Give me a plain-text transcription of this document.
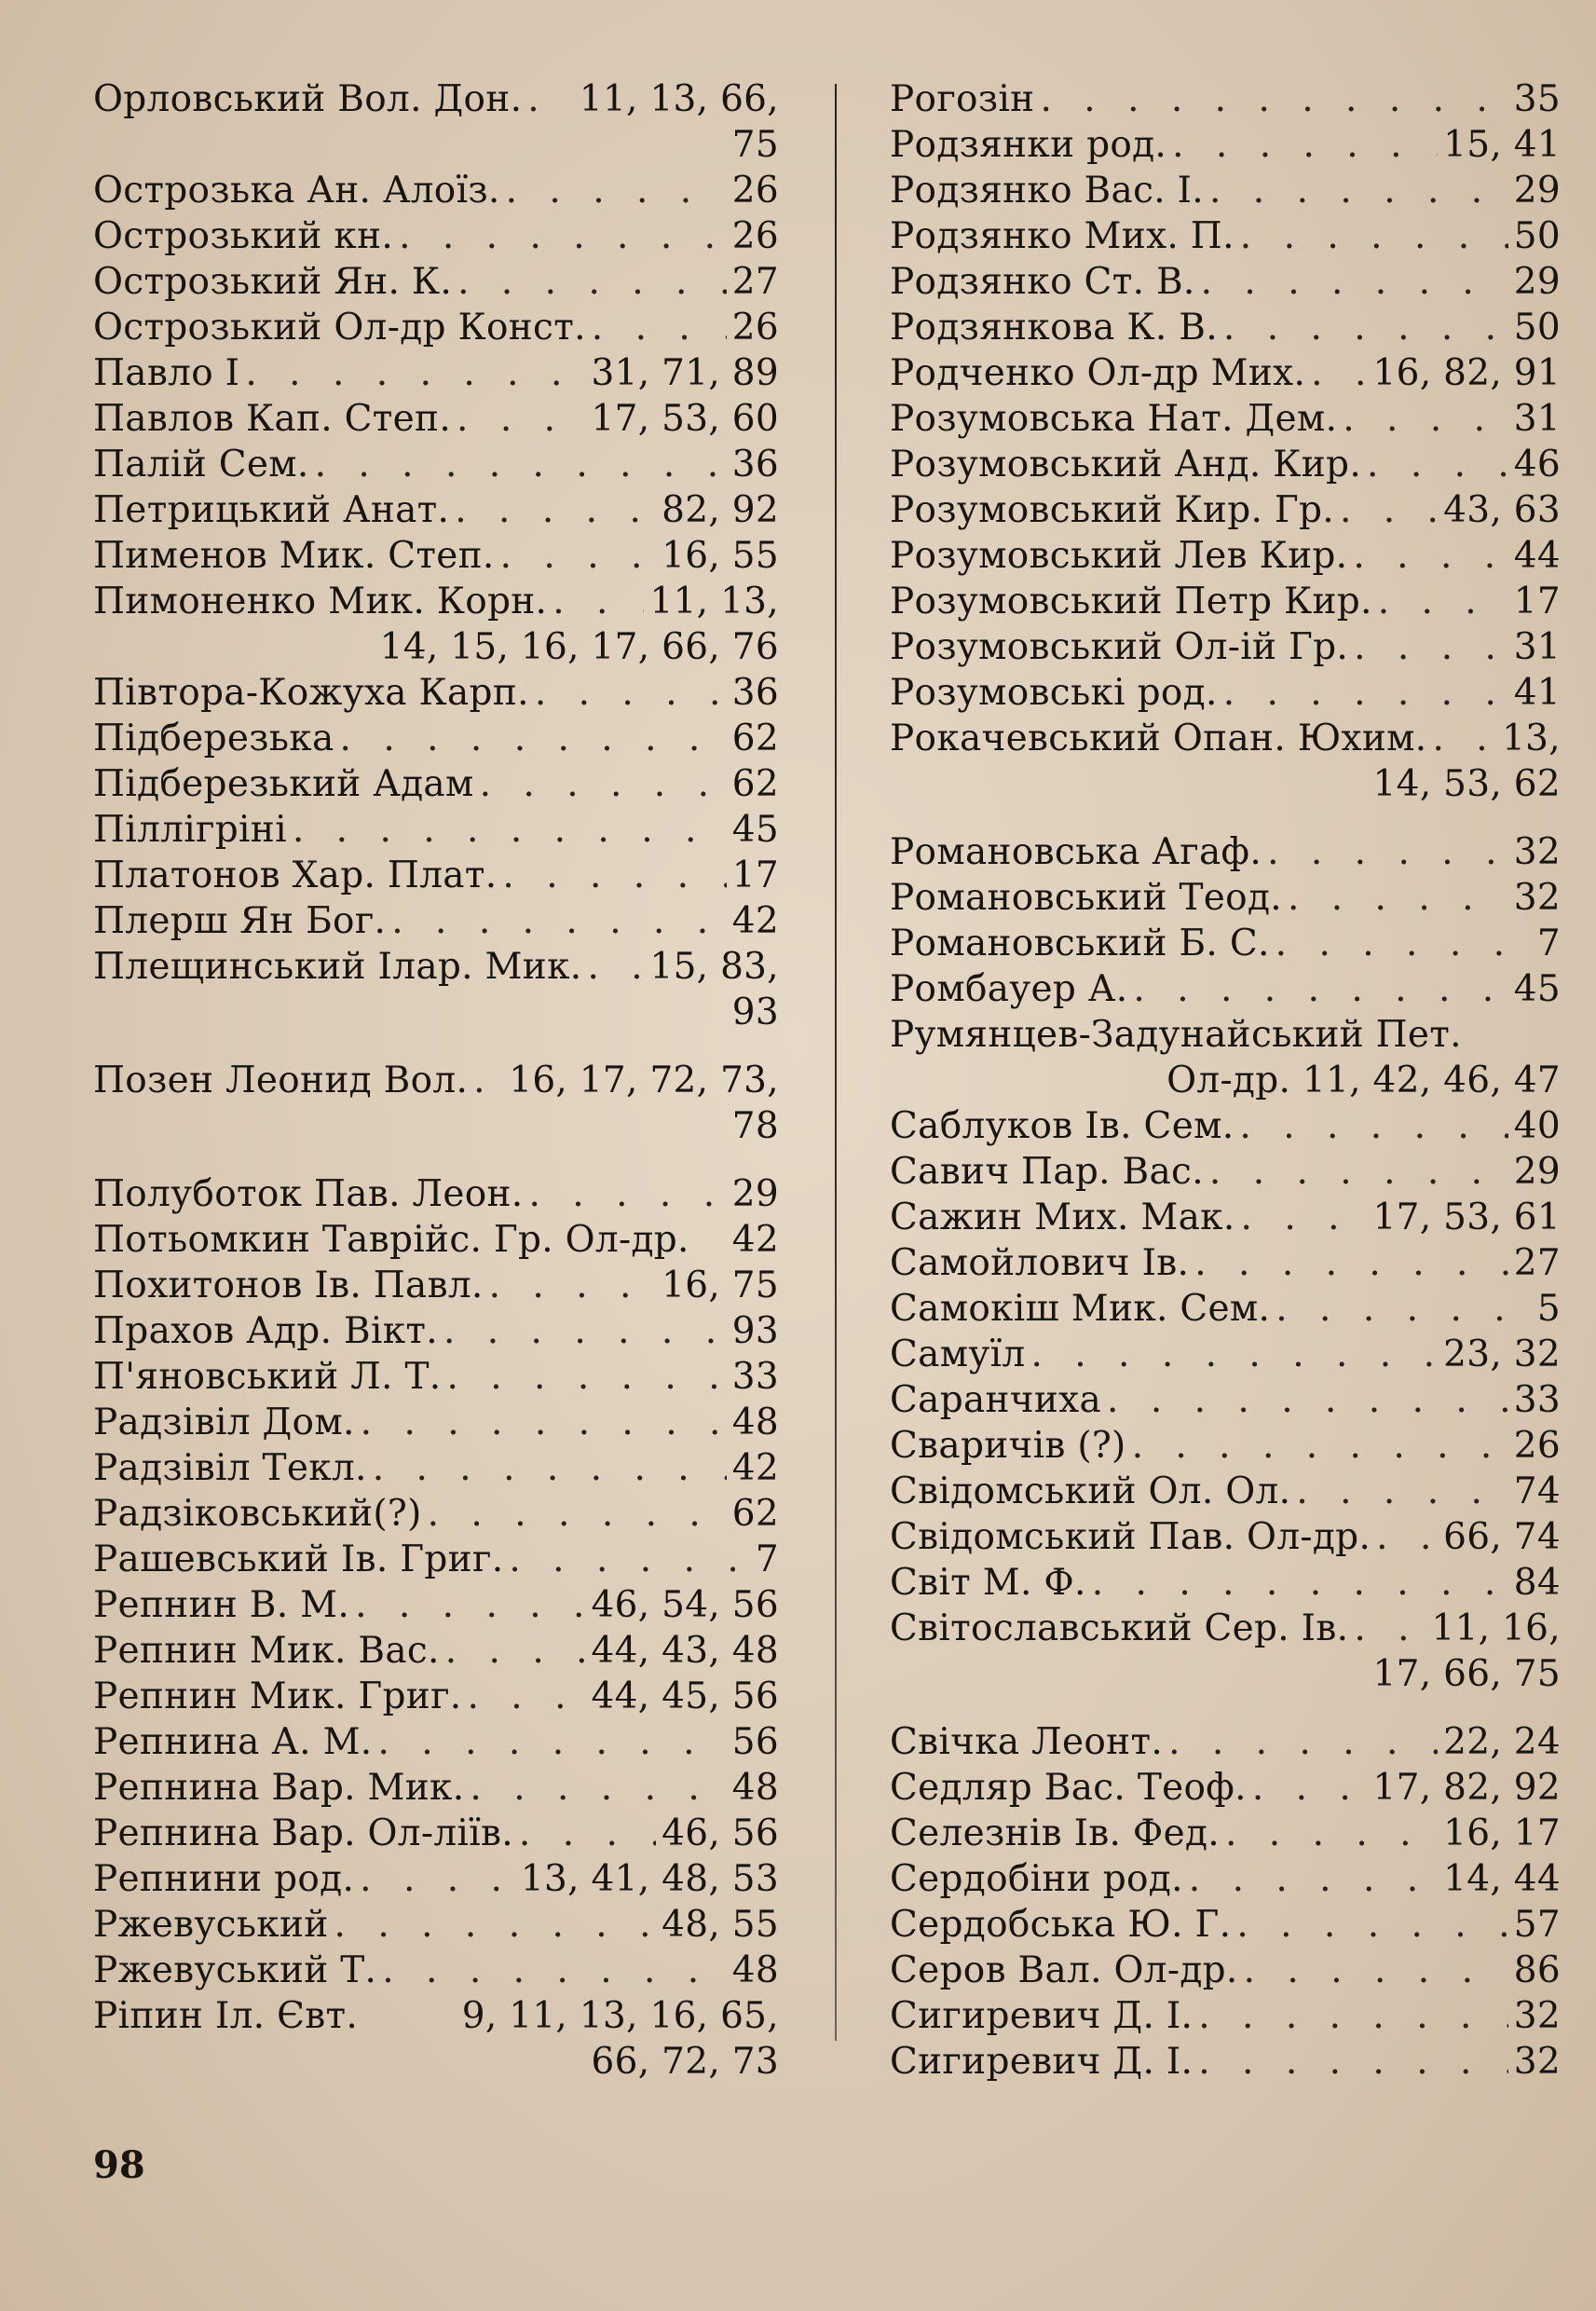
Орловський Вол. Дон. . . . 11, 13, 66,
75
Острозька Ан. Алоїз. . . .	26
Острозький кн. . . .	26
Острозький Ян. К. . . .	27
Острозький Ол-др Конст. . . .	26
Павло I . . .	31, 71, 89
Павлов Кап. Степ. . . .	17, 53, 60
Палій Сем. . . .	36
Петрицький Анат. . . .	82, 92
Пименов Мик. Степ. . . .	16, 55
Пимоненко Мик. Корн. . . .	11, 13,
14, 15, 16, 17, 66, 76
Півтора-Кожуха Карп. . . .	36
Підберезька . . .	62
Підберезький Адам . . .	62
Піллігріні . . .	45
Платонов Хар. Плат. . . .	17
Плерш Ян Бог. . . .	42
Плещинський Ілар. Мик. . . . 15, 83,
93
Позен Леонид Вол. . . . 16, 17, 72, 73,
78
Полуботок Пав. Леон. . . .	29
Потьомкин Таврійс. Гр. Ол-др. 42
Похитонов Ів. Павл. . . .	16, 75
Прахов Адр. Вікт. . . .	93
П'яновський Л. Т. . . .	33
Радзівіл Дом. . . .	48
Радзівіл Текл. . . .	42
Радзіковський(?) . . .	62
Рашевський Ів. Григ. . . .	7
Репнин В. М. . . .	46, 54, 56
Репнин Мик. Вас. . . .	44, 43, 48
Репнин Мик. Григ. . . .	44, 45, 56
Репнина А. М. . . .	56
Репнина Вар. Мик. . . .	48
Репнина Вар. Ол-ліїв. . . .	46, 56
Репнини род. . . .	13, 41, 48, 53
Ржевуський . . .	48, 55
Ржевуський Т. . . .	48
Ріпин Іл. Євт.	9, 11, 13, 16, 65,
66, 72, 73
Рогозін . . .	35
Родзянки род. . . .	15, 41
Родзянко Вас. І. . . .	29
Родзянко Мих. П. . . .	50
Родзянко Ст. В. . . .	29
Родзянкова К. В. . . .	50
Родченко Ол-др Мих. . . . 16, 82, 91
Розумовська Нат. Дем. . . .	31
Розумовський Анд. Кир. . . .	46
Розумовський Кир. Гр. . . .	43, 63
Розумовський Лев Кир. . . .	44
Розумовський Петр Кир. . . .	17
Розумовський Ол-ій Гр. . . .	31
Розумовські род. . . .	41
Рокачевський Опан. Юхим. . . . 13,
14, 53, 62
Романовська Агаф. . . .	32
Романовський Теод. . . .	32
Романовський Б. С. . . .	7
Ромбауер А. . . .	45
Румянцев-Задунайський Пет.
Ол-др. 11, 42, 46, 47
Саблуков Ів. Сем. . . .	40
Савич Пар. Вас. . . .	29
Сажин Мих. Мак. . . .	17, 53, 61
Самойлович Ів. . . .	27
Самокіш Мик. Сем. . . .	5
Самуїл . . .	23, 32
Саранчиха . . .	33
Сваричів (?) . . .	26
Свідомський Ол. Ол. . . .	74
Свідомський Пав. Ол-др. . . . 66, 74
Світ М. Ф. . . .	84
Світославський Сер. Ів. . . . 11, 16,
17, 66, 75
Свічка Леонт. . . .	22, 24
Седляр Вас. Теоф. . . .	17, 82, 92
Селезнів Ів. Фед. . . .	16, 17
Сердобіни род. . . .	14, 44
Сердобська Ю. Г. . . .	57
Серов Вал. Ол-др. . . .	86
Сигиревич Д. І. . . .	32
Сигиревич Д. І. . . .	32
98
